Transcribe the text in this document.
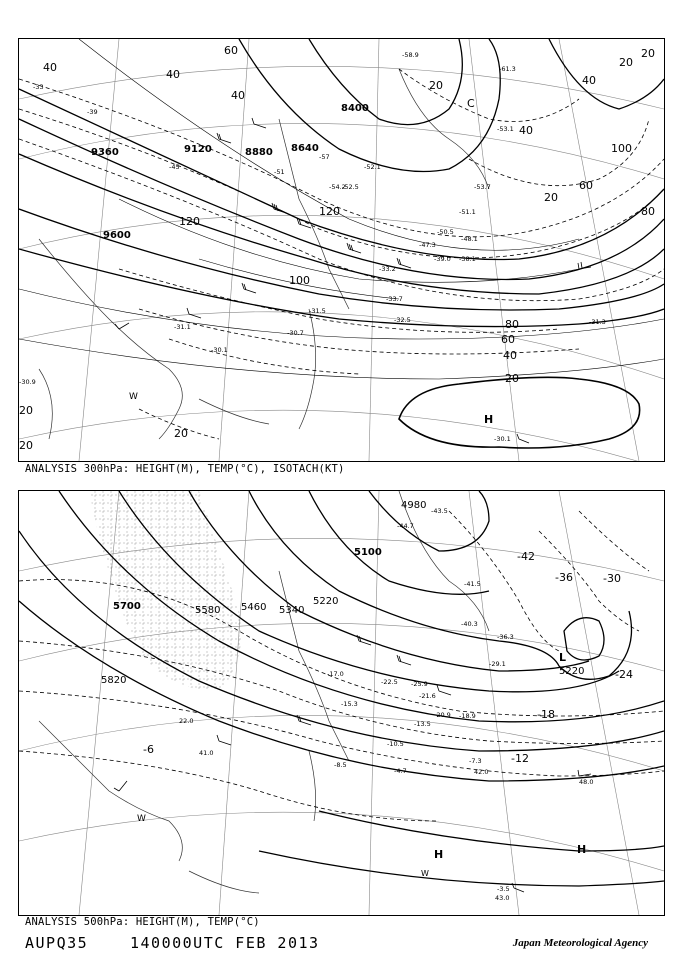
9360	9120	8880 8640
8400
9600
60
40
40
40
20
20
20
40
100
120
120
100
80
60
40
20
20
20
20
80
60
40
20
C
-33
-39
-45
-51
-57
-58.9
-53.1
-54.2
-52.5
-51.1
-50.5
-48.1
-47.3
-39.0 -38.1
-33.2
-31.5
-33.7
-32.5	-31.3
-30.7
-31.1
-30.1
-30.9
-30.1
-52.1
-53.7
-61.3
H
W
ANALYSIS 300hPa: HEIGHT(M), TEMP(°C), ISOTACH(KT)
4980
5100
5220
5340
5460
5580
5700
5820
5220
-42
-36	-30
-24
-18
-12
-6
-44.7
-43.5
-41.5
-40.3
-36.3
-29.1
-25.9
-22.5
-21.6
-20.9 -18.9
-17.0
-15.3
-13.5
-10.5
-8.5	-7.3
-4.7
-3.5
42.0
43.0
48.0
41.0
22.0
L
H	H
W
W
ANALYSIS 500hPa: HEIGHT(M), TEMP(°C)
AUPQ35	140000UTC FEB 2013	Japan Meteorological Agency
